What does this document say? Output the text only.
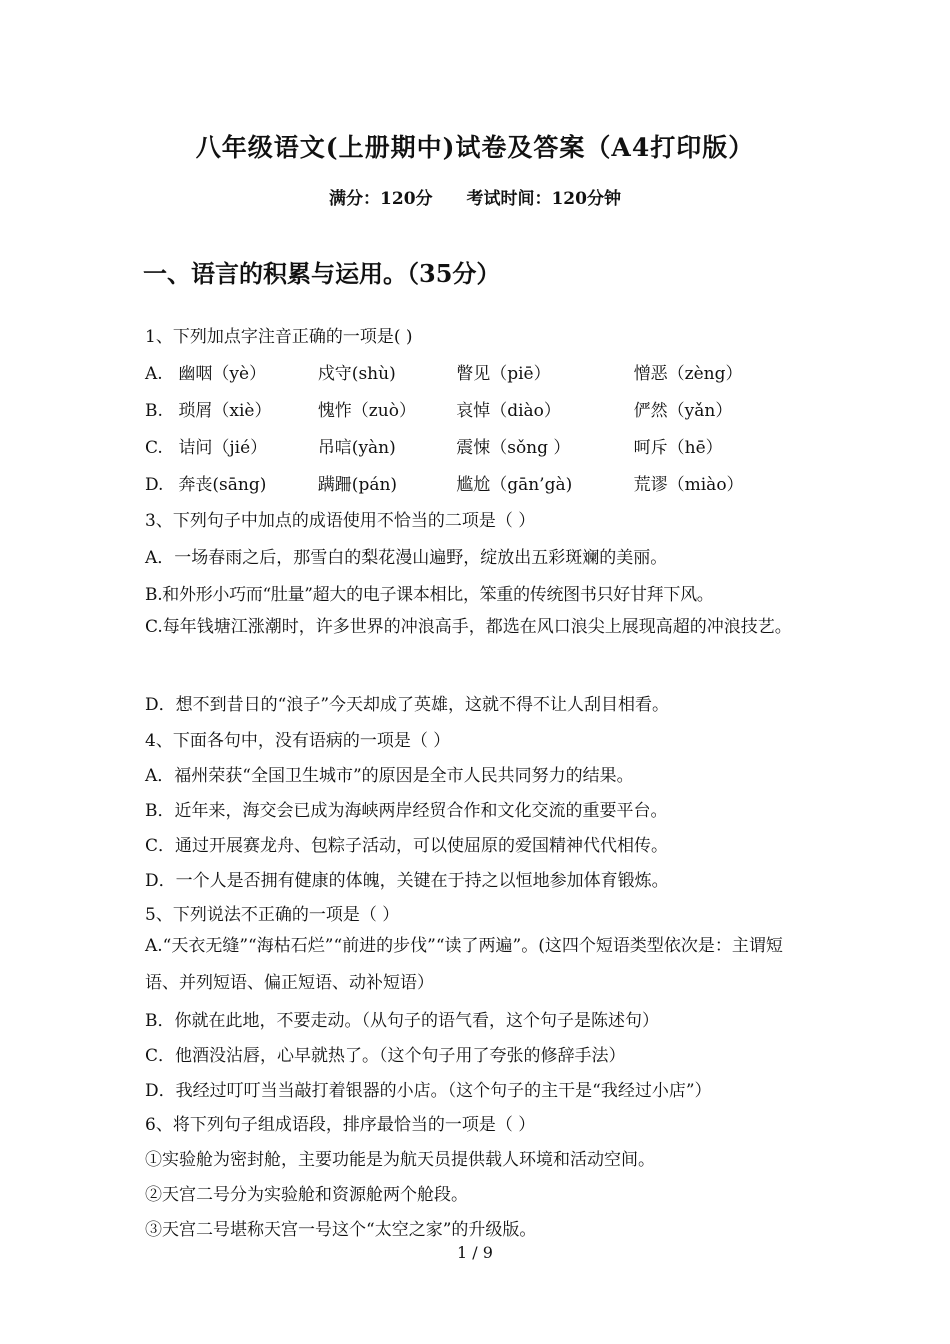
八年级语文(上册期中)试卷及答案（A4打印版）
满分：120分 考试时间：120分钟
一、语言的积累与运用。（35分）
1、下列加点字注音正确的一项是( )
A. 幽咽（yè）	戍守(shù)	瞥见（piē）	憎恶（zèng）
B. 琐屑（xiè）	愧怍（zuò） 哀悼（diào）	俨然（yǎn）
C. 诘问（jié）	吊唁(yàn)	震悚（sǒng ）	呵斥（hē）
D. 奔丧(sāng)	蹒跚(pán)	尴尬（gān’gà)	荒谬（miào）
3、下列句子中加点的成语使用不恰当的二项是（ ）
A．一场春雨之后，那雪白的梨花漫山遍野，绽放出五彩斑斓的美丽。
B.和外形小巧而“肚量”超大的电子课本相比，笨重的传统图书只好甘拜下风。
C.每年钱塘江涨潮时，许多世界的冲浪高手，都选在风口浪尖上展现高超的冲浪技艺。
D．想不到昔日的“浪子”今天却成了英雄，这就不得不让人刮目相看。
4、下面各句中，没有语病的一项是（ ）
A．福州荣获“全国卫生城市”的原因是全市人民共同努力的结果。
B．近年来，海交会已成为海峡两岸经贸合作和文化交流的重要平台。
C．通过开展赛龙舟、包粽子活动，可以使屈原的爱国精神代代相传。
D．一个人是否拥有健康的体魄，关键在于持之以恒地参加体育锻炼。
5、下列说法不正确的一项是（ ）
A.“天衣无缝”“海枯石烂”“前进的步伐”“读了两遍”。(这四个短语类型依次是：主谓短语、并列短语、偏正短语、动补短语）
B．你就在此地，不要走动。（从句子的语气看，这个句子是陈述句）
C．他酒没沾唇，心早就热了。（这个句子用了夸张的修辞手法）
D．我经过叮叮当当敲打着银器的小店。（这个句子的主干是“我经过小店”）
6、将下列句子组成语段，排序最恰当的一项是（ ）
①实验舱为密封舱，主要功能是为航天员提供载人环境和活动空间。
②天宫二号分为实验舱和资源舱两个舱段。
③天宫二号堪称天宫一号这个“太空之家”的升级版。
1 / 9
